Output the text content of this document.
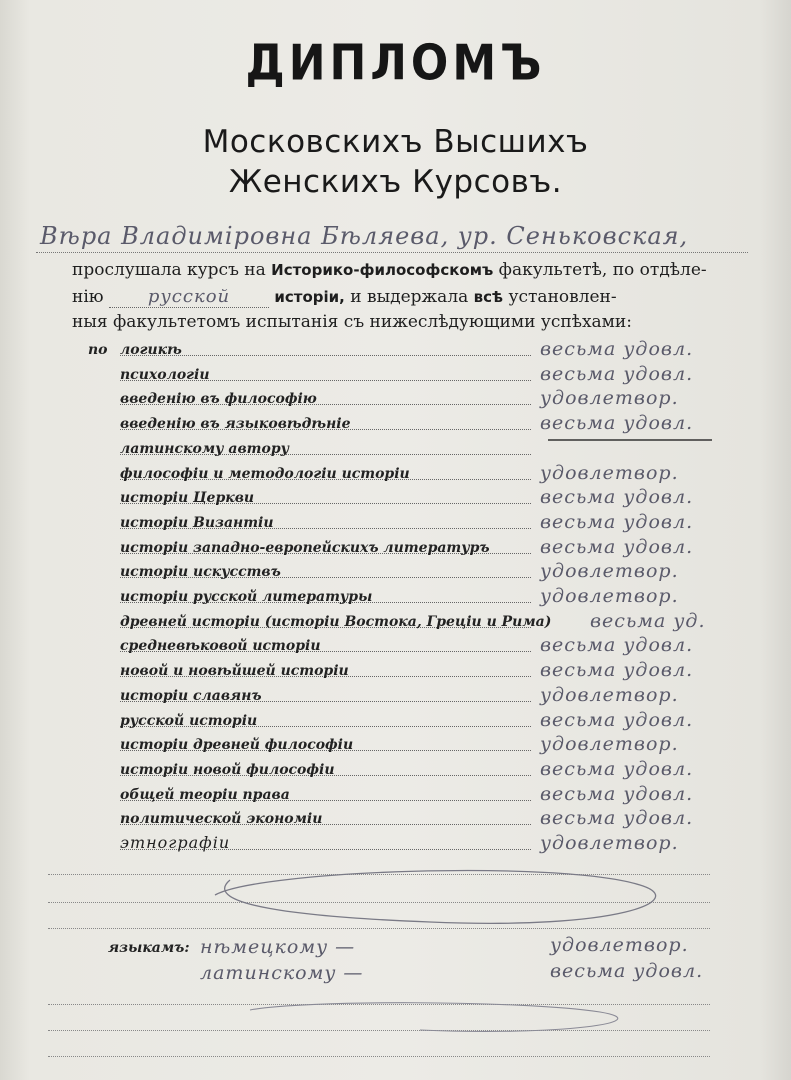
ДИПЛОМЪ
Московскихъ Высшихъ
Женскихъ Курсовъ.
Вѣра Владиміровна Бѣляева, ур. Сеньковская,
прослушала курсъ на Историко-философскомъ факультетѣ, по отдѣле-
нію русской	исторіи, и выдержала всѣ установлен-
ныя факультетомъ испытанія съ нижеслѣдующими успѣхами:
по логикѣ	весьма удовл.
психологіи	весьма удовл.
введенію въ философію	удовлетвор.
введенію въ языковѣдѣніе	весьма удовл.
латинскому автору
философіи и методологіи исторіи	удовлетвор.
исторіи Церкви	весьма удовл.
исторіи Византіи	весьма удовл.
исторіи западно-европейскихъ литературъ	весьма удовл.
исторіи искусствъ	удовлетвор.
исторіи русской литературы	удовлетвор.
древней исторіи (исторіи Востока, Греціи и Рима) весьма уд.
средневѣковой исторіи	весьма удовл.
новой и новѣйшей исторіи	весьма удовл.
исторіи славянъ	удовлетвор.
русской исторіи	весьма удовл.
исторіи древней философіи	удовлетвор.
исторіи новой философіи	весьма удовл.
общей теоріи права	весьма удовл.
политической экономіи	весьма удовл.
этнографіи	удовлетвор.
языкамъ: нѣмецкому —	удовлетвор.
латинскому —	весьма удовл.
